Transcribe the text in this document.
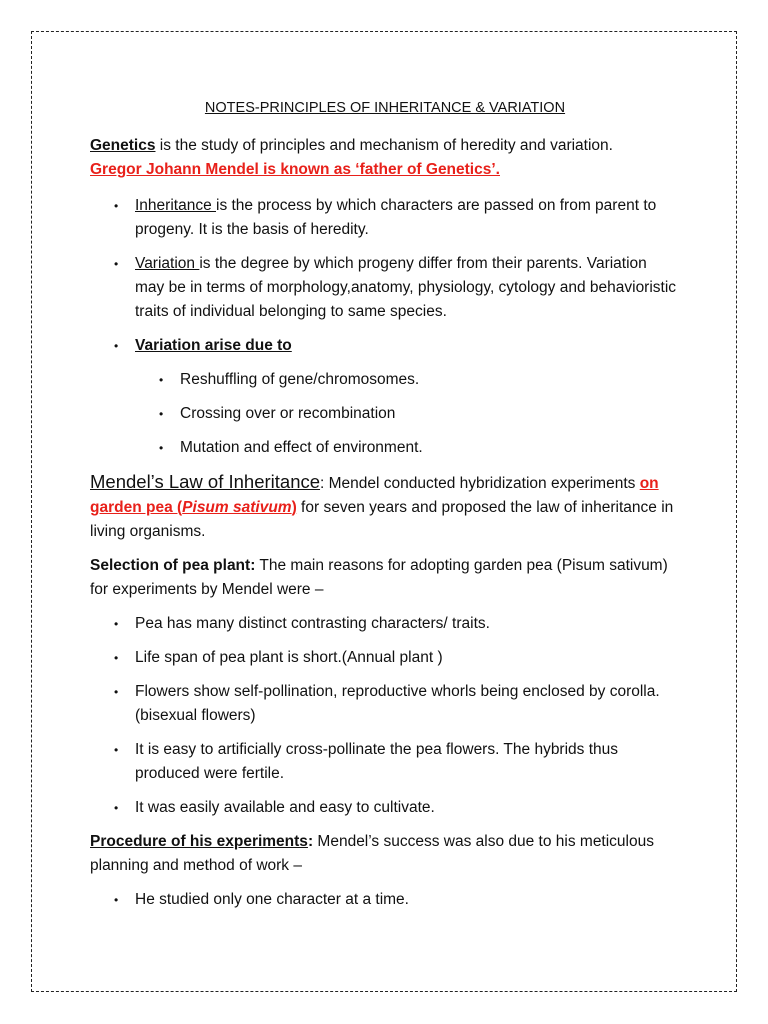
NOTES-PRINCIPLES OF INHERITANCE & VARIATION

Genetics is the study of principles and mechanism of heredity and variation.
Gregor Johann Mendel is known as ‘father of Genetics’.

• Inheritance is the process by which characters are passed on from parent to progeny. It is the basis of heredity.
• Variation is the degree by which progeny differ from their parents. Variation may be in terms of morphology,anatomy, physiology, cytology and behavioristic traits of individual belonging to same species.
• Variation arise due to
• Reshuffling of gene/chromosomes.
• Crossing over or recombination
• Mutation and effect of environment.

Mendel’s Law of Inheritance: Mendel conducted hybridization experiments on garden pea (Pisum sativum) for seven years and proposed the law of inheritance in living organisms.

Selection of pea plant: The main reasons for adopting garden pea (Pisum sativum) for experiments by Mendel were –

• Pea has many distinct contrasting characters/ traits.
• Life span of pea plant is short.(Annual plant )
• Flowers show self-pollination, reproductive whorls being enclosed by corolla.(bisexual flowers)
• It is easy to artificially cross-pollinate the pea flowers. The hybrids thus produced were fertile.
• It was easily available and easy to cultivate.

Procedure of his experiments: Mendel’s success was also due to his meticulous planning and method of work –

• He studied only one character at a time.
